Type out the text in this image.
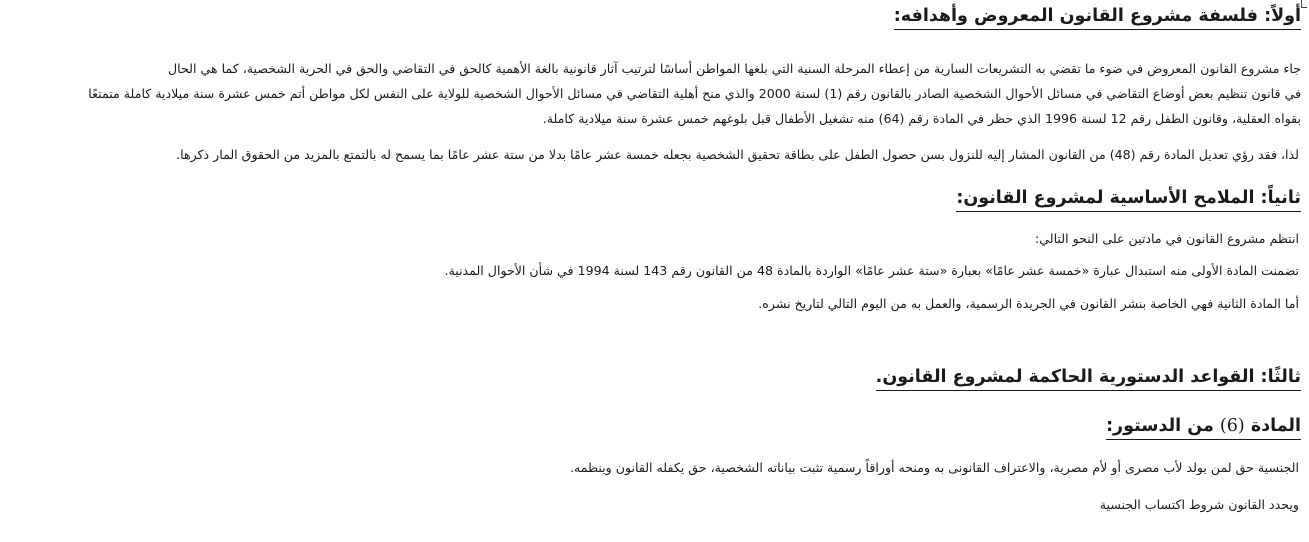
أولاً: فلسفة مشروع القانون المعروض وأهدافه:

جاء مشروع القانون المعروض في ضوء ما تقضي به التشريعات السارية من إعطاء المرحلة السنية التي بلغها المواطن أساسًا لترتيب آثار قانونية بالغة الأهمية كالحق في التقاضي والحق في الحرية الشخصية، كما هي الحال

في قانون تنظيم بعض أوضاع التقاضي في مسائل الأحوال الشخصية الصادر بالقانون رقم (1) لسنة 2000 والذي منح أهلية التقاضي في مسائل الأحوال الشخصية للولاية على النفس لكل مواطن أتم خمس عشرة سنة ميلادية كاملة متمتعًا

بقواه العقلية، وقانون الطفل رقم 12 لسنة 1996 الذي حظر في المادة رقم (64) منه تشغيل الأطفال قبل بلوغهم خمس عشرة سنة ميلادية كاملة.

لذا، فقد رؤي تعديل المادة رقم (48) من القانون المشار إليه للنزول بسن حصول الطفل على بطاقة تحقيق الشخصية بجعله خمسة عشر عامًا بدلا من ستة عشر عامًا بما يسمح له بالتمتع بالمزيد من الحقوق المار ذكرها.
ثانياً: الملامح الأساسية لمشروع القانون:
انتظم مشروع القانون في مادتين على النحو التالي:
تضمنت المادة الأولى منه استبدال عبارة «خمسة عشر عامًا» بعبارة «ستة عشر عامًا» الواردة بالمادة 48 من القانون رقم 143 لسنة 1994 في شأن الأحوال المدنية.
أما المادة الثانية فهي الخاصة بنشر القانون في الجريدة الرسمية، والعمل به من اليوم التالي لتاريخ نشره.
ثالثًا: القواعد الدستورية الحاكمة لمشروع القانون.
المادة (6) من الدستور:
الجنسية حق لمن يولد لأب مصرى أو لأم مصرية، والاعتراف القانونى به ومنحه أوراقاً رسمية تثبت بياناته الشخصية، حق يكفله القانون وينظمه.
ويحدد القانون شروط اكتساب الجنسية
